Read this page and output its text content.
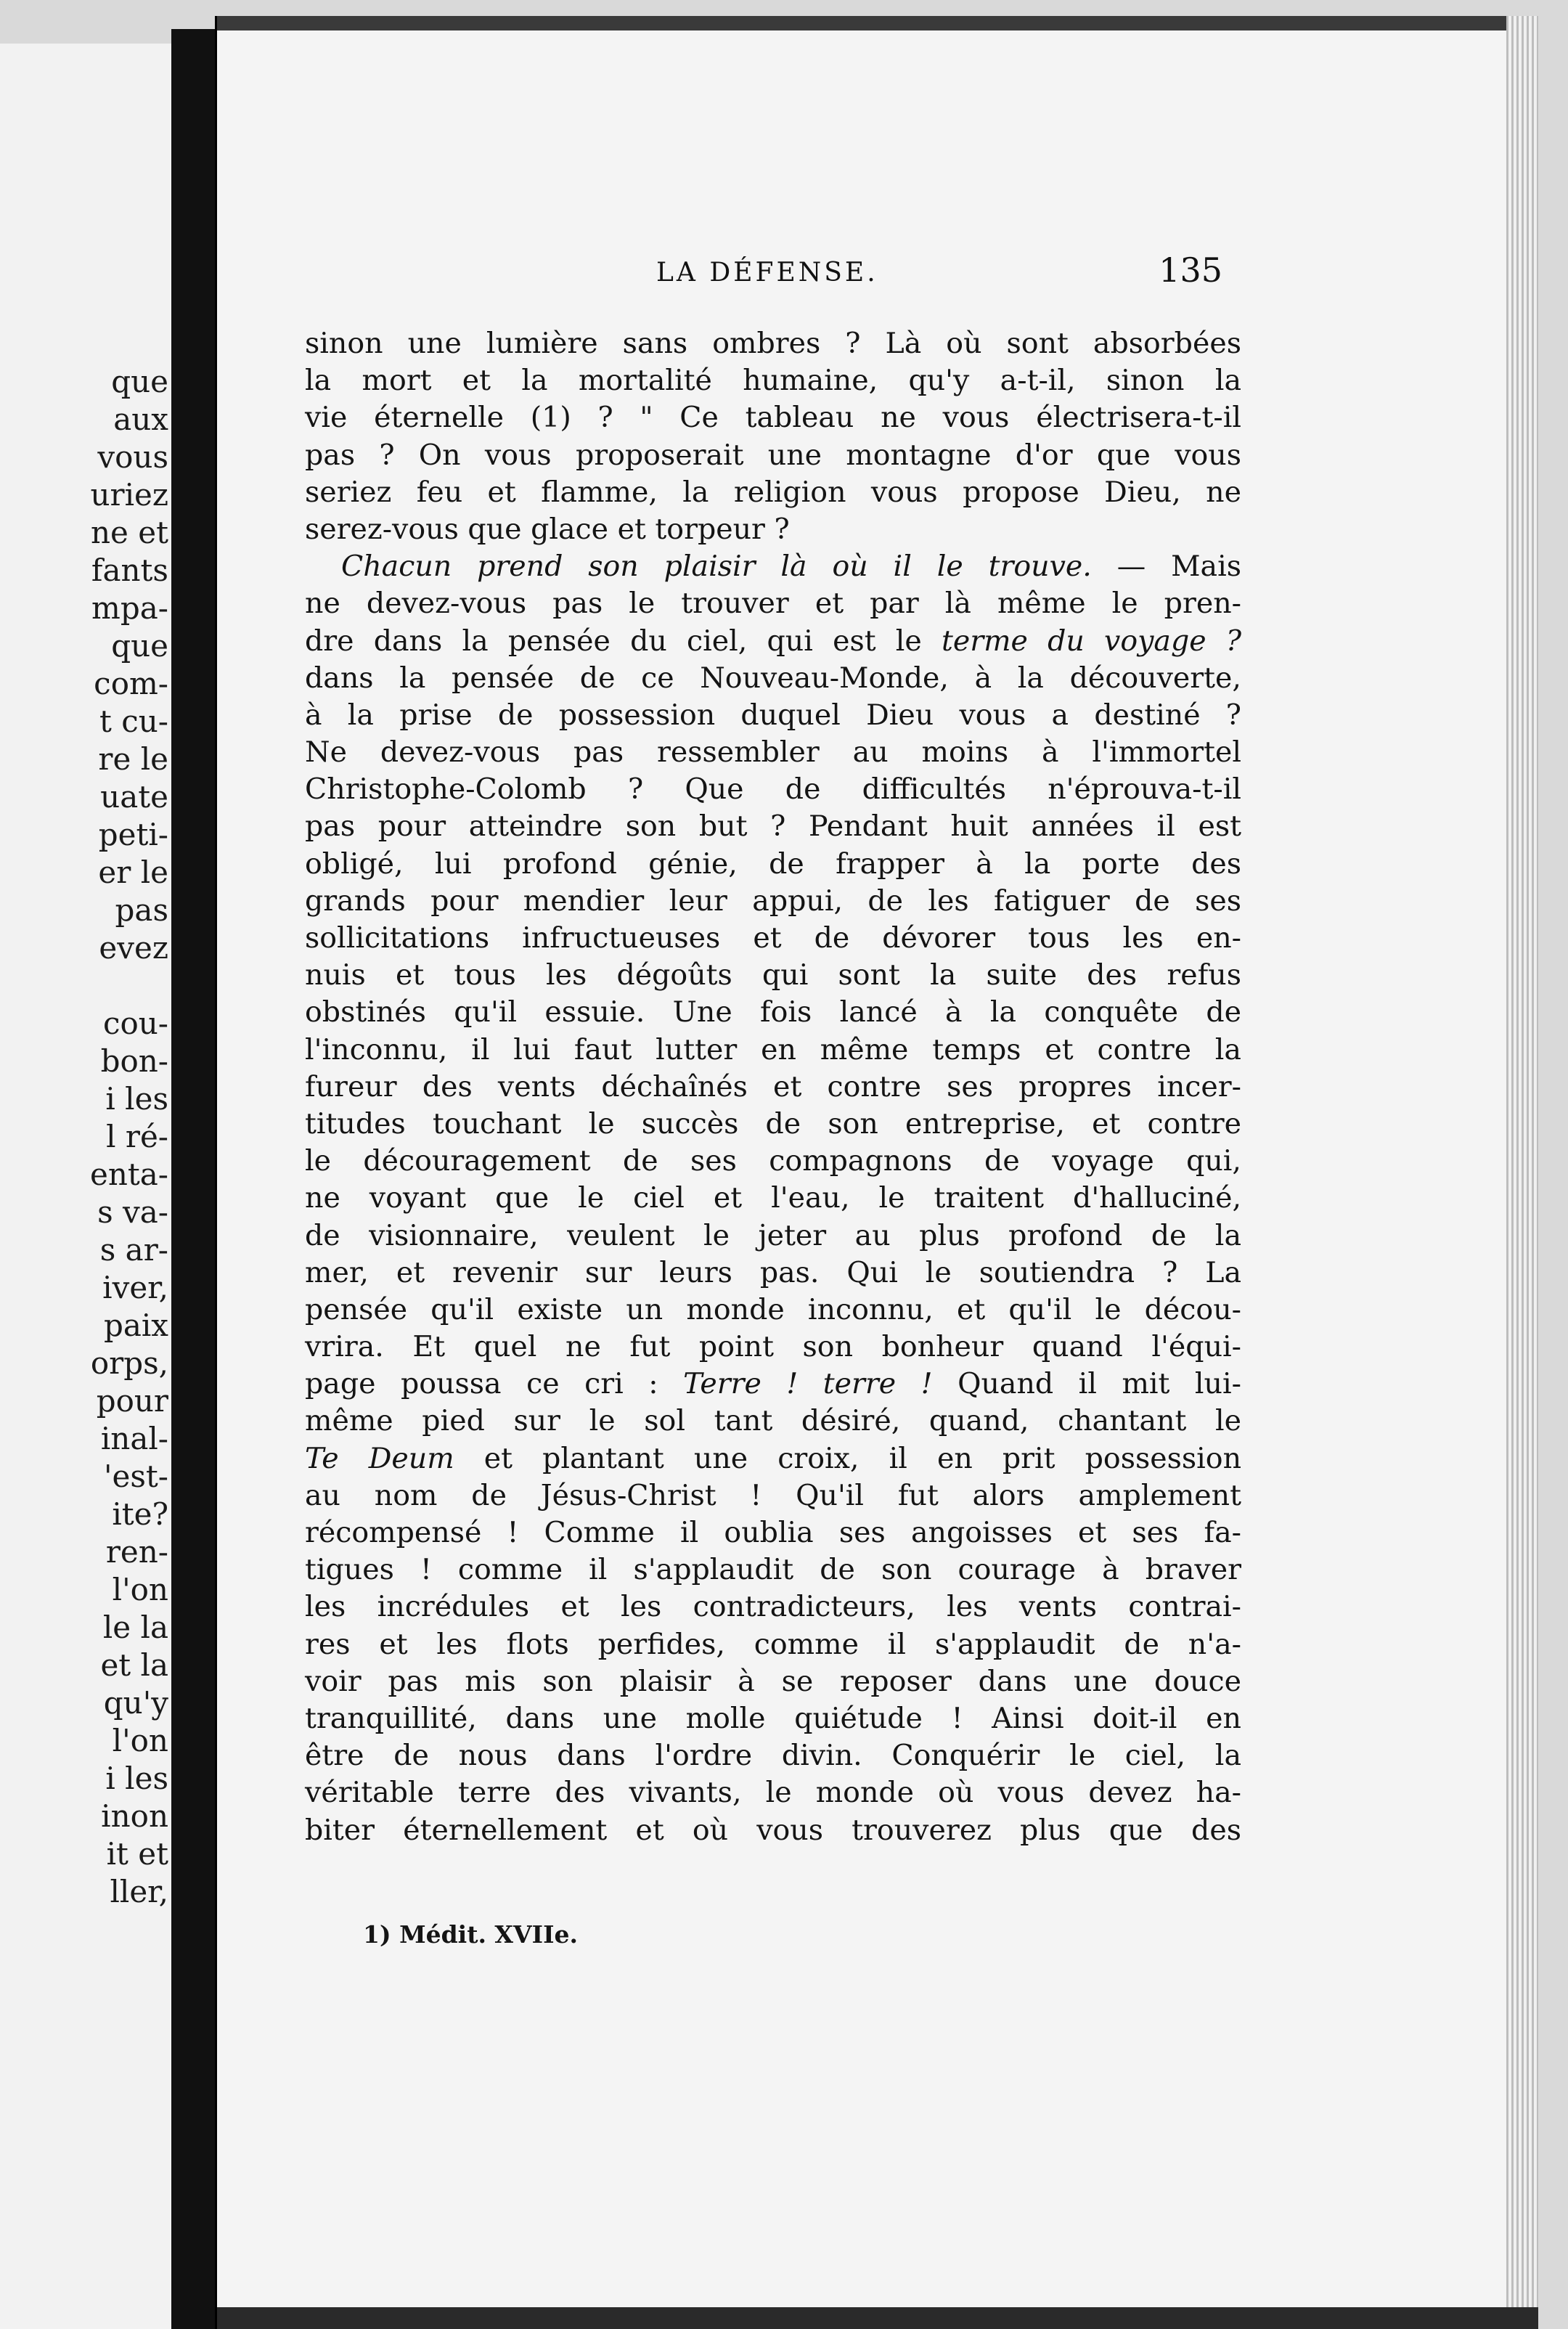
que
aux
vous
uriez
ne et
fants
mpa-
que
com-
t cu-
re le
uate
peti-
er le
pas
evez

cou-
bon-
i les
l ré-
enta-
s va-
s ar-
iver,
paix
orps,
pour
inal-
'est-
ite?
ren-
l'on
le la
et la
qu'y
l'on
i les
inon
it et
ller,
LA DÉFENSE.	135
sinon une lumière sans ombres ? Là où sont absorbées
la mort et la mortalité humaine, qu'y a-t-il, sinon la
vie éternelle (1) ? " Ce tableau ne vous électrisera-t-il
pas ? On vous proposerait une montagne d'or que vous
seriez feu et flamme, la religion vous propose Dieu, ne
serez-vous que glace et torpeur ?
Chacun prend son plaisir là où il le trouve. — Mais
ne devez-vous pas le trouver et par là même le pren-
dre dans la pensée du ciel, qui est le terme du voyage ?
dans la pensée de ce Nouveau-Monde, à la découverte,
à la prise de possession duquel Dieu vous a destiné ?
Ne devez-vous pas ressembler au moins à l'immortel
Christophe-Colomb ? Que de difficultés n'éprouva-t-il
pas pour atteindre son but ? Pendant huit années il est
obligé, lui profond génie, de frapper à la porte des
grands pour mendier leur appui, de les fatiguer de ses
sollicitations infructueuses et de dévorer tous les en-
nuis et tous les dégoûts qui sont la suite des refus
obstinés qu'il essuie. Une fois lancé à la conquête de
l'inconnu, il lui faut lutter en même temps et contre la
fureur des vents déchaînés et contre ses propres incer-
titudes touchant le succès de son entreprise, et contre
le découragement de ses compagnons de voyage qui,
ne voyant que le ciel et l'eau, le traitent d'halluciné,
de visionnaire, veulent le jeter au plus profond de la
mer, et revenir sur leurs pas. Qui le soutiendra ? La
pensée qu'il existe un monde inconnu, et qu'il le décou-
vrira. Et quel ne fut point son bonheur quand l'équi-
page poussa ce cri : Terre ! terre ! Quand il mit lui-
même pied sur le sol tant désiré, quand, chantant le
Te Deum et plantant une croix, il en prit possession
au nom de Jésus-Christ ! Qu'il fut alors amplement
récompensé ! Comme il oublia ses angoisses et ses fa-
tigues ! comme il s'applaudit de son courage à braver
les incrédules et les contradicteurs, les vents contrai-
res et les flots perfides, comme il s'applaudit de n'a-
voir pas mis son plaisir à se reposer dans une douce
tranquillité, dans une molle quiétude ! Ainsi doit-il en
être de nous dans l'ordre divin. Conquérir le ciel, la
véritable terre des vivants, le monde où vous devez ha-
biter éternellement et où vous trouverez plus que des
1) Médit. XVIIe.
